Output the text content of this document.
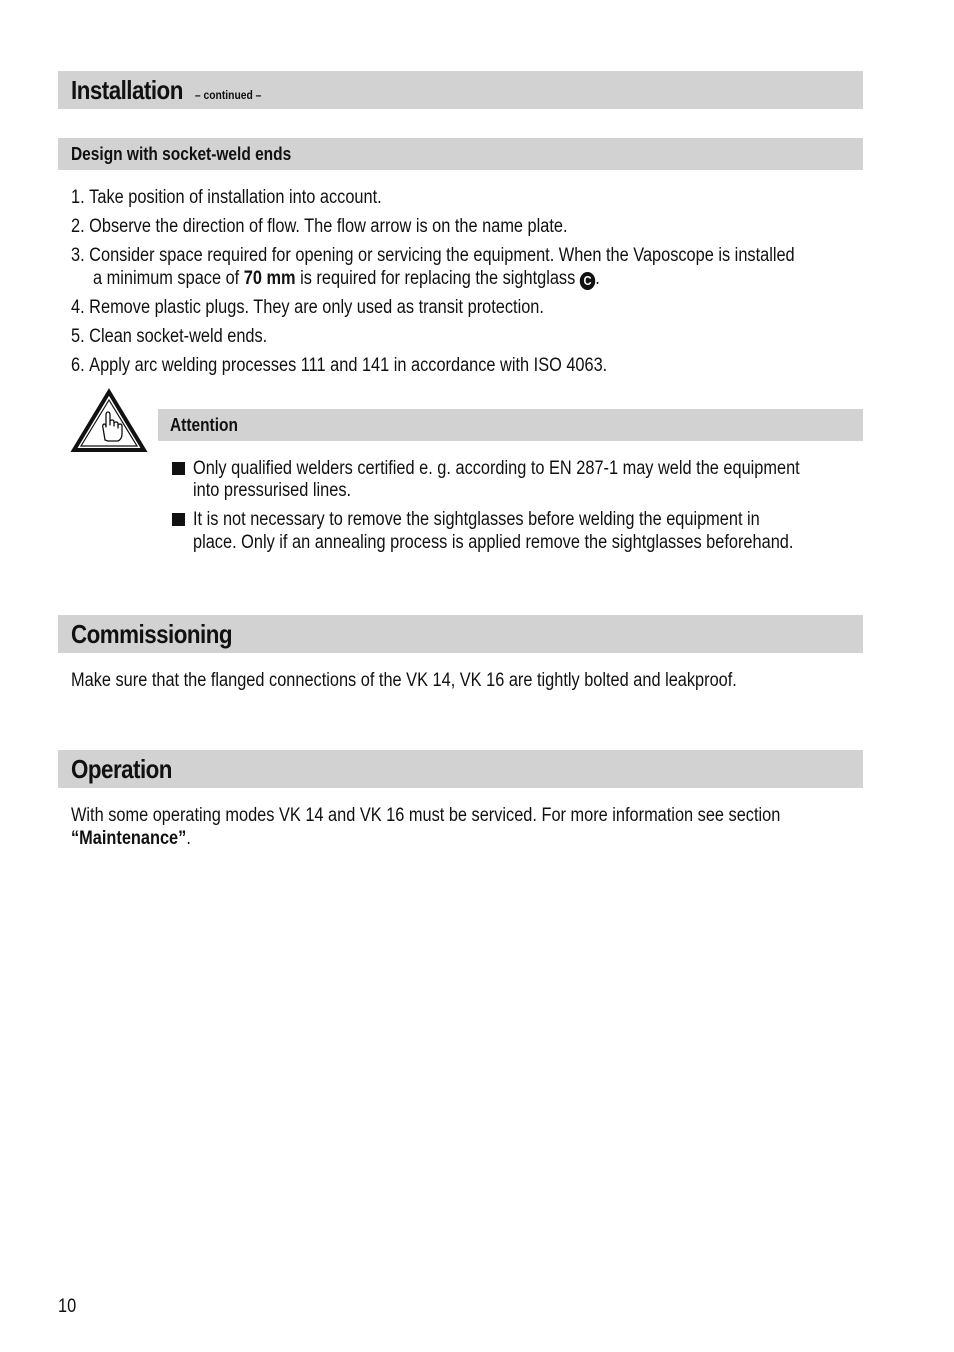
Installation – continued –
Design with socket-weld ends
1. Take position of installation into account.
2. Observe the direction of flow. The flow arrow is on the name plate.
3. Consider space required for opening or servicing the equipment. When the Vaposcope is installed
a minimum space of 70 mm is required for replacing the sightglass C .
4. Remove plastic plugs. They are only used as transit protection.
5. Clean socket-weld ends.
6. Apply arc welding processes 111 and 141 in accordance with ISO 4063.
Attention
Only qualified welders certified e. g. according to EN 287-1 may weld the equipment
into pressurised lines.
It is not necessary to remove the sightglasses before welding the equipment in
place. Only if an annealing process is applied remove the sightglasses beforehand.
Commissioning
Make sure that the flanged connections of the VK 14, VK 16 are tightly bolted and leakproof.
Operation
With some operating modes VK 14 and VK 16 must be serviced. For more information see section
“Maintenance”.
10
